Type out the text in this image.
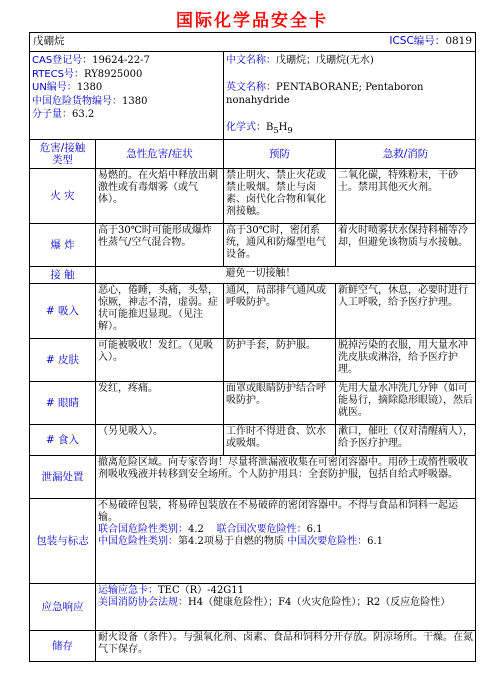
国际化学品安全卡
戊硼烷 ICSC编号：0819			

CAS登记号：19624-22-7
RTECS号：RY8925000
UN编号：1380
中国危险货物编号：1380
分子量：63.2		中文名称：戊硼烷；戊硼烷(无水)
英文名称：PENTABORANE; Pentaboron nonahydride
化学式：$B_5H_9$

危害/接触
类型	急性危害/症状	预防	急救/消防
火 灾	易燃的。在火焰中释放出刺激性或有毒烟雾（或气体）。	禁止明火、禁止火花或禁止吸烟。禁止与卤素、卤代化合物和氧化剂接触。	二氧化碳，特殊粉末，干砂土。禁用其他灭火剂。
爆 炸	高于30℃时可能形成爆炸性蒸气/空气混合物。	高于30℃时，密闭系统，通风和防爆型电气设备。	着火时喷雾状水保持料桶等冷却，但避免该物质与水接触。
接 触		避免一切接触！	
# 吸入	恶心，倦睡，头痛，头晕，惊厥，神志不清，虚弱。症状可能推迟显现。（见注解）。	通风，局部排气通风或呼吸防护。	新鲜空气，休息，必要时进行人工呼吸，给予医疗护理。
# 皮肤	可能被吸收！发红。（见吸入）。	防护手套，防护服。	脱掉污染的衣服，用大量水冲洗皮肤或淋浴，给予医疗护理。
# 眼睛	发红，疼痛。	面罩或眼睛防护结合呼吸防护。	先用大量水冲洗几分钟（如可能易行，摘除隐形眼镜），然后就医。
# 食入	（另见吸入）。	工作时不得进食、饮水或吸烟。	漱口，催吐（仅对清醒病人），给予医疗护理。
泄漏处置	撤离危险区域。向专家咨询！尽量将泄漏液收集在可密闭容器中。用砂土或惰性吸收剂吸收残液并转移到安全场所。个人防护用具：全套防护服，包括自给式呼吸器。		
包装与标志	不易破碎包装，将易碎包装放在不易破碎的密闭容器中。不得与食品和饲料一起运输。
联合国危险性类别：4.2 联合国次要危险性：6.1
中国危险性类别：第4.2项易于自燃的物质 中国次要危险性：6.1		

应急响应	运输应急卡：TEC（R）-42G11
美国消防协会法规：H4（健康危险性）；F4（火灾危险性）；R2（反应危险性）		

储存	耐火设备（条件）。与强氧化剂、卤素、食品和饲料分开存放。阴凉场所。干燥。在氮气下保存。		
